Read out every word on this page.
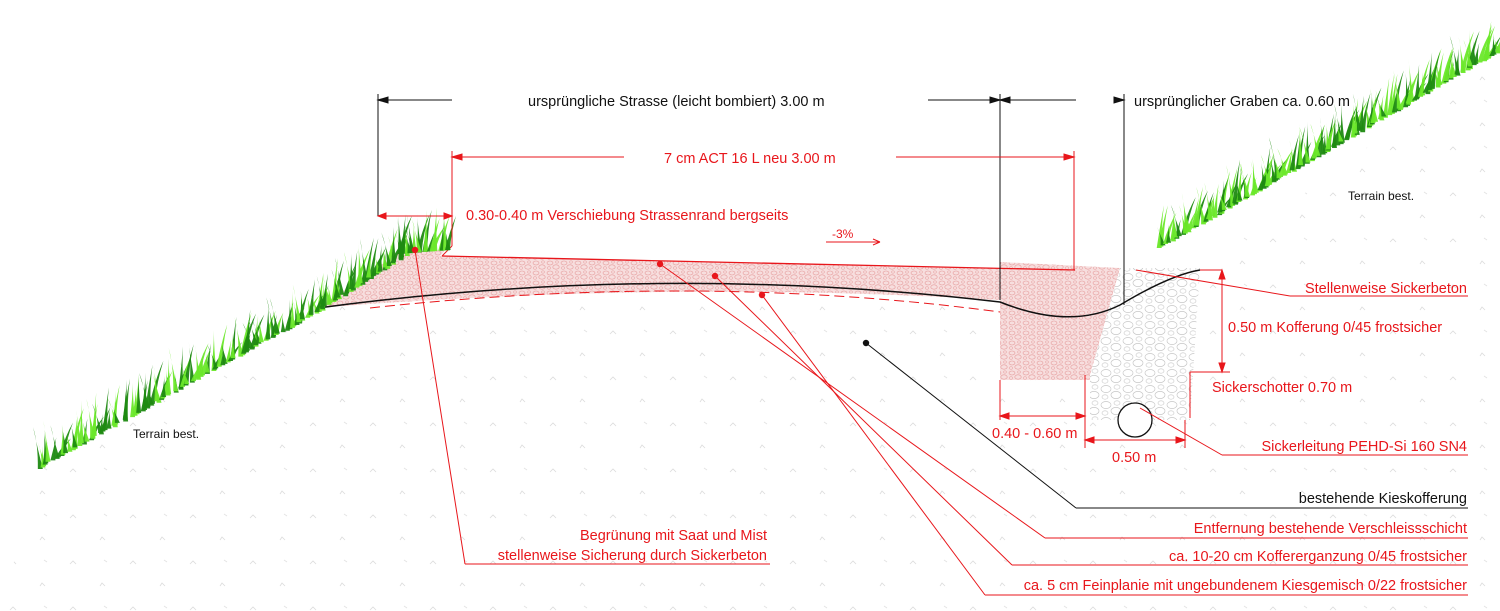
ursprüngliche Strasse (leicht bombiert) 3.00 m	ursprünglicher Graben ca. 0.60 m
7 cm ACT 16 L neu 3.00 m
0.30-0.40 m Verschiebung Strassenrand bergseits
-3%
0.50 m Kofferung 0/45 frostsicher
Sickerschotter 0.70 m
0.40 - 0.60 m
0.50 m
Terrain best.
Terrain best.
Stellenweise Sickerbeton
Sickerleitung PEHD-Si 160 SN4
bestehende Kieskofferung
Entfernung bestehende Verschleissschicht
ca. 10-20 cm Koffererganzung 0/45 frostsicher
ca. 5 cm Feinplanie mit ungebundenem Kiesgemisch 0/22 frostsicher
Begrünung mit Saat und Mist
stellenweise Sicherung durch Sickerbeton
